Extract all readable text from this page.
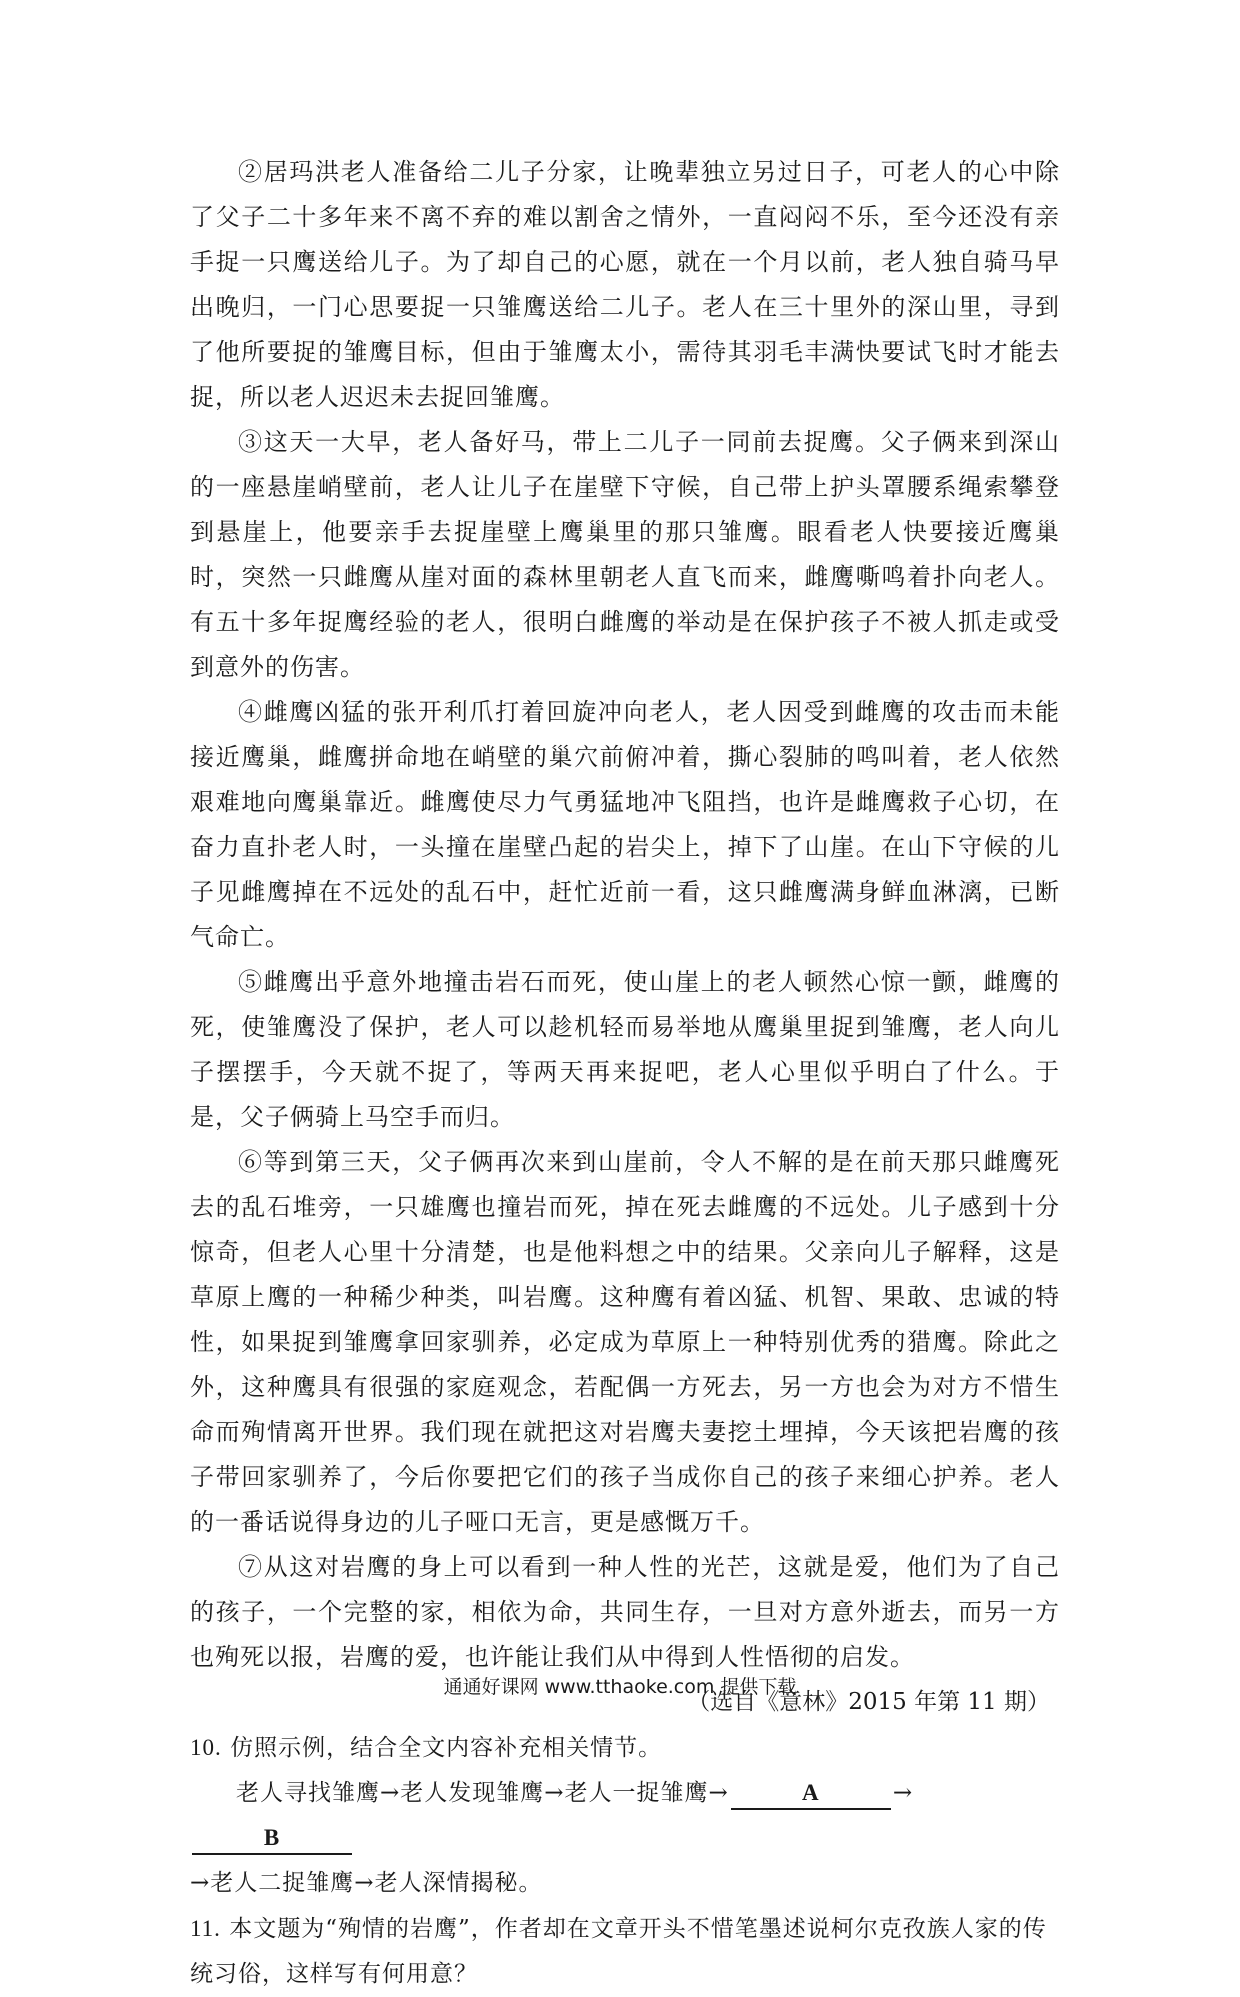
②居玛洪老人准备给二儿子分家，让晚辈独立另过日子，可老人的心中除了父子二十多年来不离不弃的难以割舍之情外，一直闷闷不乐，至今还没有亲手捉一只鹰送给儿子。为了却自己的心愿，就在一个月以前，老人独自骑马早出晚归，一门心思要捉一只雏鹰送给二儿子。老人在三十里外的深山里，寻到了他所要捉的雏鹰目标，但由于雏鹰太小，需待其羽毛丰满快要试飞时才能去捉，所以老人迟迟未去捉回雏鹰。

③这天一大早，老人备好马，带上二儿子一同前去捉鹰。父子俩来到深山的一座悬崖峭壁前，老人让儿子在崖壁下守候，自己带上护头罩腰系绳索攀登到悬崖上，他要亲手去捉崖壁上鹰巢里的那只雏鹰。眼看老人快要接近鹰巢时，突然一只雌鹰从崖对面的森林里朝老人直飞而来，雌鹰嘶鸣着扑向老人。有五十多年捉鹰经验的老人，很明白雌鹰的举动是在保护孩子不被人抓走或受到意外的伤害。

④雌鹰凶猛的张开利爪打着回旋冲向老人，老人因受到雌鹰的攻击而未能接近鹰巢，雌鹰拼命地在峭壁的巢穴前俯冲着，撕心裂肺的鸣叫着，老人依然艰难地向鹰巢靠近。雌鹰使尽力气勇猛地冲飞阻挡，也许是雌鹰救子心切，在奋力直扑老人时，一头撞在崖壁凸起的岩尖上，掉下了山崖。在山下守候的儿子见雌鹰掉在不远处的乱石中，赶忙近前一看，这只雌鹰满身鲜血淋漓，已断气命亡。

⑤雌鹰出乎意外地撞击岩石而死，使山崖上的老人顿然心惊一颤，雌鹰的死，使雏鹰没了保护，老人可以趁机轻而易举地从鹰巢里捉到雏鹰，老人向儿子摆摆手，今天就不捉了，等两天再来捉吧，老人心里似乎明白了什么。于是，父子俩骑上马空手而归。

⑥等到第三天，父子俩再次来到山崖前，令人不解的是在前天那只雌鹰死去的乱石堆旁，一只雄鹰也撞岩而死，掉在死去雌鹰的不远处。儿子感到十分惊奇，但老人心里十分清楚，也是他料想之中的结果。父亲向儿子解释，这是草原上鹰的一种稀少种类，叫岩鹰。这种鹰有着凶猛、机智、果敢、忠诚的特性，如果捉到雏鹰拿回家驯养，必定成为草原上一种特别优秀的猎鹰。除此之外，这种鹰具有很强的家庭观念，若配偶一方死去，另一方也会为对方不惜生命而殉情离开世界。我们现在就把这对岩鹰夫妻挖土埋掉，今天该把岩鹰的孩子带回家驯养了，今后你要把它们的孩子当成你自己的孩子来细心护养。老人的一番话说得身边的儿子哑口无言，更是感慨万千。

⑦从这对岩鹰的身上可以看到一种人性的光芒，这就是爱，他们为了自己的孩子，一个完整的家，相依为命，共同生存，一旦对方意外逝去，而另一方也殉死以报，岩鹰的爱，也许能让我们从中得到人性悟彻的启发。

（选自《意林》2015 年第 11 期）

10. 仿照示例，结合全文内容补充相关情节。

老人寻找雏鹰→老人发现雏鹰→老人一捉雏鹰→	A	→B

→老人二捉雏鹰→老人深情揭秘。

11. 本文题为“殉情的岩鹰”，作者却在文章开头不惜笔墨述说柯尔克孜族人家的传统习俗，这样写有何用意？

通通好课网 www.tthaoke.com 提供下载
